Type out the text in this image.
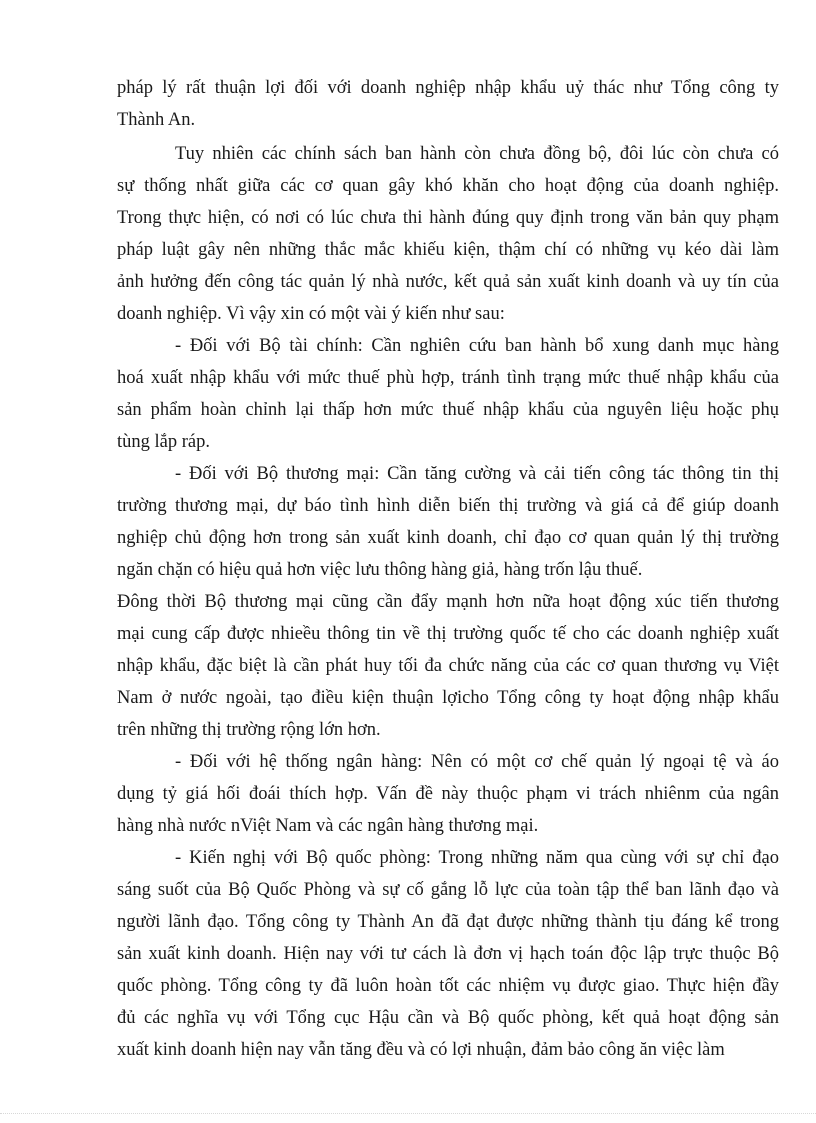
pháp lý rất thuận lợi đối với doanh nghiệp nhập khẩu uỷ thác như Tổng công ty
Thành An.
Tuy nhiên các chính sách ban hành còn chưa đồng bộ, đôi lúc còn chưa có
sự thống nhất giữa các cơ quan gây khó khăn cho hoạt động của doanh nghiệp.
Trong thực hiện, có nơi có lúc chưa thi hành đúng quy định trong văn bản quy phạm
pháp luật gây nên những thắc mắc khiếu kiện, thậm chí có những vụ kéo dài làm
ảnh hưởng đến công tác quản lý nhà nước, kết quả sản xuất kinh doanh và uy tín của
doanh nghiệp. Vì vậy xin có một vài ý kiến như sau:
- Đối với Bộ tài chính: Cần nghiên cứu ban hành bổ xung danh mục hàng
hoá xuất nhập khẩu với mức thuế phù hợp, tránh tình trạng mức thuế nhập khẩu của
sản phẩm hoàn chỉnh lại thấp hơn mức thuế nhập khẩu của nguyên liệu hoặc phụ
tùng lắp ráp.
- Đối với Bộ thương mại: Cần tăng cường và cải tiến công tác thông tin thị
trường thương mại, dự báo tình hình diễn biến thị trường và giá cả để giúp doanh
nghiệp chủ động hơn trong sản xuất kinh doanh, chỉ đạo cơ quan quản lý thị trường
ngăn chặn có hiệu quả hơn việc lưu thông hàng giả, hàng trốn lậu thuế.
Đông thời Bộ thương mại cũng cần đẩy mạnh hơn nữa hoạt động xúc tiến thương
mại cung cấp được nhieều thông tin về thị trường quốc tế cho các doanh nghiệp xuất
nhập khẩu, đặc biệt là cần phát huy tối đa chức năng của các cơ quan thương vụ Việt
Nam ở nước ngoài, tạo điều kiện thuận lợicho Tổng công ty hoạt động nhập khẩu
trên những thị trường rộng lớn hơn.
- Đối với hệ thống ngân hàng: Nên có một cơ chế quản lý ngoại tệ và áo
dụng tỷ giá hối đoái thích hợp. Vấn đề này thuộc phạm vi trách nhiênm của ngân
hàng nhà nước nViệt Nam và các ngân hàng thương mại.
- Kiến nghị với Bộ quốc phòng: Trong những năm qua cùng với sự chỉ đạo
sáng suốt của Bộ Quốc Phòng và sự cố gắng lỗ lực của toàn tập thể ban lãnh đạo và
người lãnh đạo. Tổng công ty Thành An đã đạt được những thành tịu đáng kể trong
sản xuất kinh doanh. Hiện nay với tư cách là đơn vị hạch toán độc lập trực thuộc Bộ
quốc phòng. Tổng công ty đã luôn hoàn tốt các nhiệm vụ được giao. Thực hiện đầy
đủ các nghĩa vụ với Tổng cục Hậu cần và Bộ quốc phòng, kết quả hoạt động sản
xuất kinh doanh hiện nay vẫn tăng đều và có lợi nhuận, đảm bảo công ăn việc làm
